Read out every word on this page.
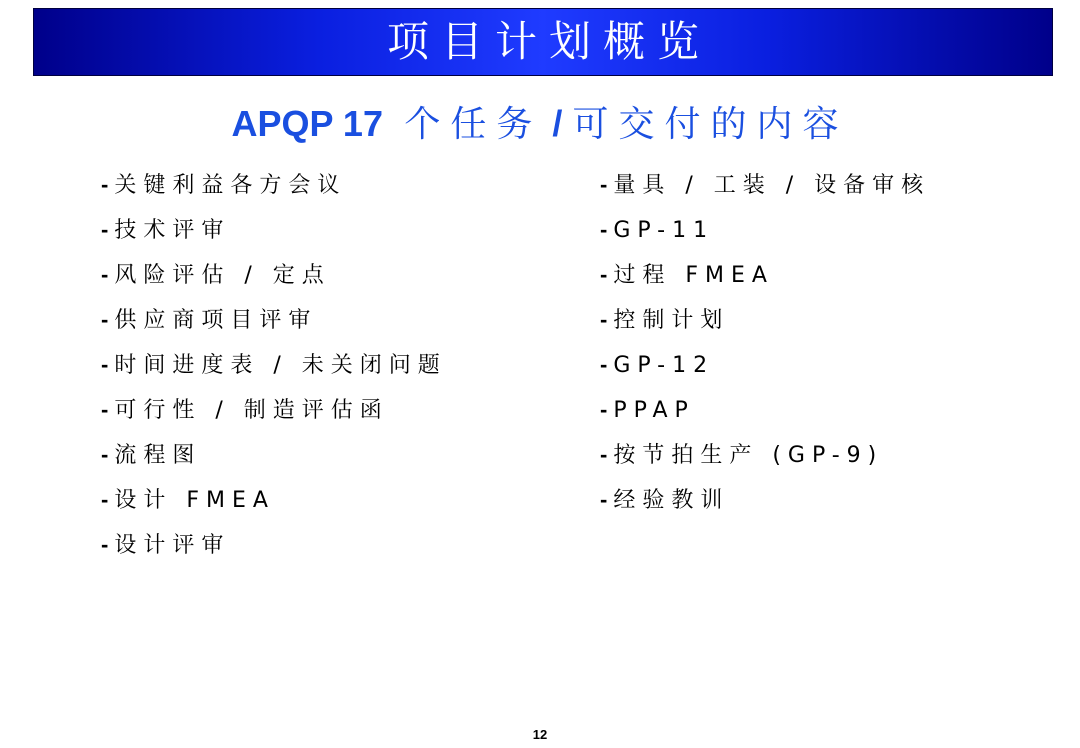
项目计划概览
APQP 17 个任务 / 可交付的内容
- 关键利益各方会议
- 技术评审
- 风险评估 / 定点
- 供应商项目评审
- 时间进度表 / 未关闭问题
- 可行性 / 制造评估函
- 流程图
- 设计 FMEA
- 设计评审
- 量具 / 工装 / 设备审核
- GP-11
- 过程 FMEA
- 控制计划
- GP-12
- PPAP
- 按节拍生产 (GP-9)
- 经验教训
12
